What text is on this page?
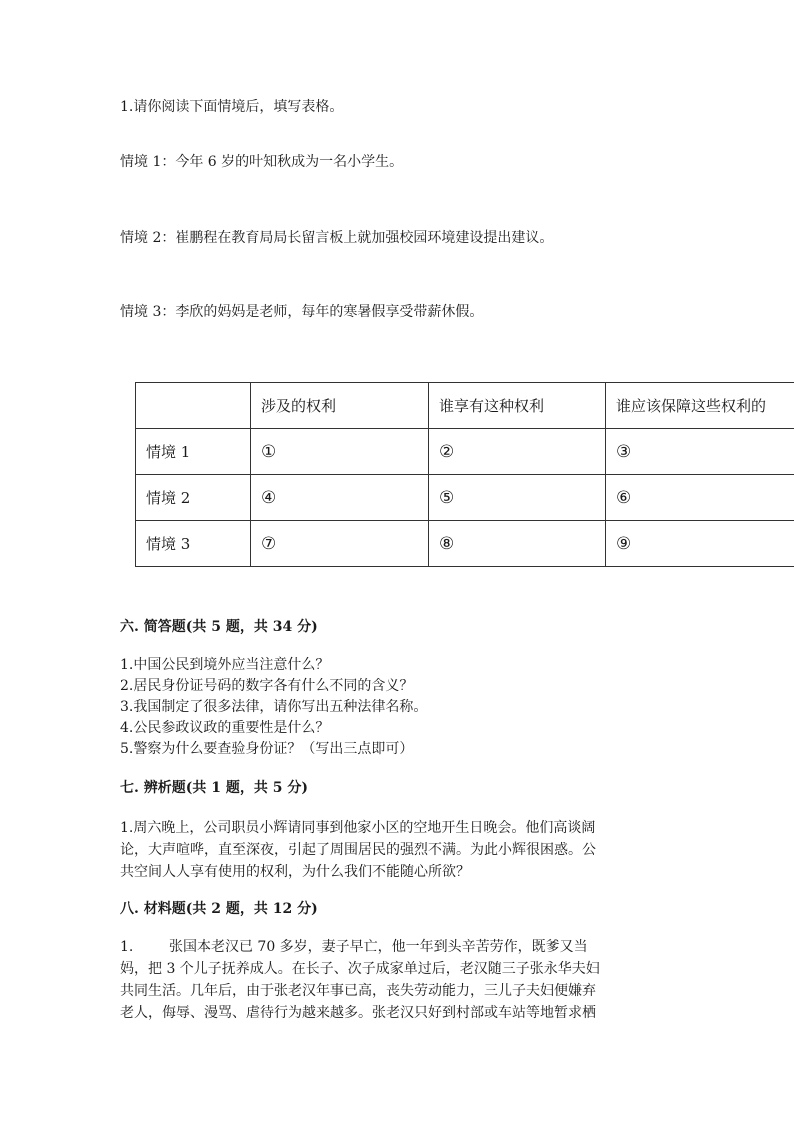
1.请你阅读下面情境后，填写表格。
情境 1：今年 6 岁的叶知秋成为一名小学生。
情境 2：崔鹏程在教育局局长留言板上就加强校园环境建设提出建议。
情境 3：李欣的妈妈是老师，每年的寒暑假享受带薪休假。
	涉及的权利	谁享有这种权利	谁应该保障这些权利的
情境 1	①	②	③
情境 2	④	⑤	⑥
情境 3	⑦	⑧	⑨
六. 简答题(共 5 题，共 34 分)
1.中国公民到境外应当注意什么？
2.居民身份证号码的数字各有什么不同的含义？
3.我国制定了很多法律，请你写出五种法律名称。
4.公民参政议政的重要性是什么？
5.警察为什么要查验身份证？（写出三点即可）
七. 辨析题(共 1 题，共 5 分)
1.周六晚上，公司职员小辉请同事到他家小区的空地开生日晚会。他们高谈阔
论，大声喧哗，直至深夜，引起了周围居民的强烈不满。为此小辉很困惑。公
共空间人人享有使用的权利，为什么我们不能随心所欲？
八. 材料题(共 2 题，共 12 分)
1.        张国本老汉已 70 多岁，妻子早亡，他一年到头辛苦劳作，既爹又当
妈，把 3 个儿子抚养成人。在长子、次子成家单过后，老汉随三子张永华夫妇
共同生活。几年后，由于张老汉年事已高，丧失劳动能力，三儿子夫妇便嫌弃
老人，侮辱、漫骂、虐待行为越来越多。张老汉只好到村部或车站等地暂求栖
